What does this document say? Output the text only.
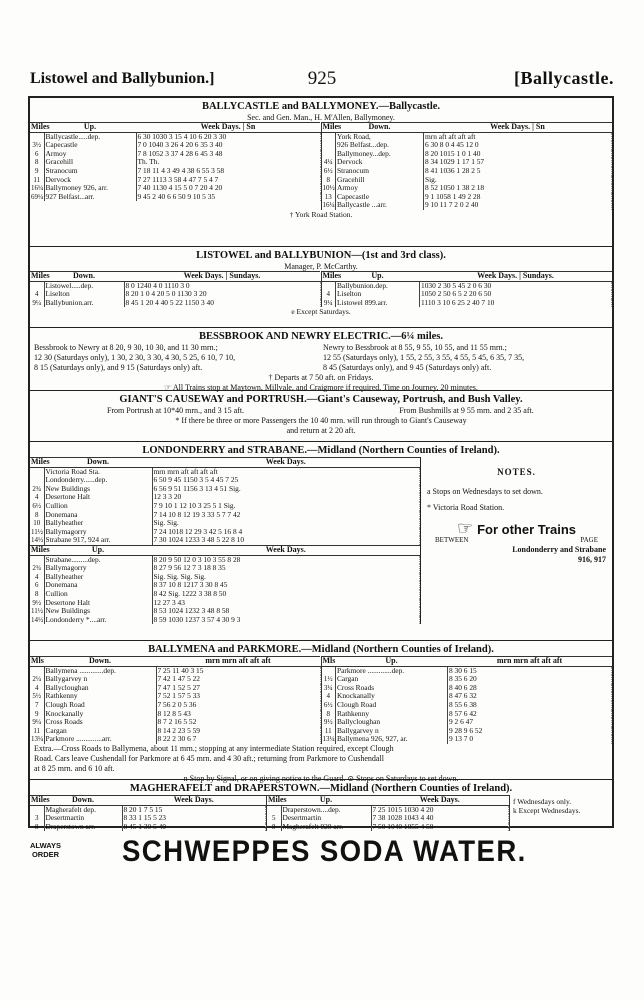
Listowel and Ballybunion.]	925	[Ballycastle.
BALLYCASTLE and BALLYMONEY.—Ballycastle.
Sec. and Gen. Man., H. M'Allen, Ballymoney.
Miles	Up.	Week Days. | Sn
	Ballycastle.....dep.	6 30 1030 3 15 4 10 6 20 3 30
3½	Capecastle	7 0 1040 3 26 4 20 6 35 3 40
6	Armoy	7 8 1052 3 37 4 28 6 45 3 48
8	Gracehill	Th. Th.
9	Stranocum	7 18 11 4 3 49 4 38 6 55 3 58
11	Dervock	7 27 1113 3 58 4 47 7 5 4 7
16¼	Ballymoney 926, arr.	7 40 1130 4 15 5 0 7 20 4 20
69¼	927 Belfast...arr.	9 45 2 40 6 6 50 9 10 5 35
Miles	Down.	Week Days. | Sn
	York Road,	mrn aft aft aft aft
	926 Belfast...dep.	6 30 8 0 4 45 12 0
	Ballymoney...dep.	8 20 1015 1 0 1 40
4¼	Dervock	8 34 1029 1 17 1 57
6½	Stranocum	8 41 1036 1 28 2 5
8	Gracehill	Sig.
10½	Armoy	8 52 1050 1 38 2 18
13	Capecastle	9 1 1058 1 49 2 28
16¼	Ballycastle ...arr.	9 10 11 7 2 0 2 40
† York Road Station.
LISTOWEL and BALLYBUNION—(1st and 3rd class).
Manager, P. McCarthy.
Miles	Down.	Week Days. | Sundays.
	Listowel.....dep.	8 0 1240 4 0 1110 3 0
4	Liselton	8 20 1 0 4 20 5 0 1130 3 20
9¼	Ballybunion.arr.	8 45 1 20 4 40 5 22 1150 3 40
Miles	Up.	Week Days. | Sundays.
	Ballybunion.dep.	1030 2 30 5 45 2 0 6 30
4	Liselton	1050 2 50 6 5 2 20 6 50
9¼	Listowel 899.arr.	1110 3 10 6 25 2 40 7 10
e Except Saturdays.
BESSBROOK AND NEWRY ELECTRIC.—6¼ miles.
Bessbrook to Newry at 8 20, 9 30, 10 30, and 11 30 mrn.;
12 30 (Saturdays only), 1 30, 2 30, 3 30, 4 30, 5 25, 6 10, 7 10,
8 15 (Saturdays only), and 9 15 (Saturdays only) aft.
Newry to Bessbrook at 8 55, 9 55, 10 55, and 11 55 mrn.;
12 55 (Saturdays only), 1 55, 2 55, 3 55, 4 55, 5 45, 6 35, 7 35,
8 45 (Saturdays only), and 9 45 (Saturdays only) aft.
† Departs at 7 50 aft. on Fridays.
☞ All Trains stop at Maytown, Millvale, and Craigmore if required. Time on Journey, 20 minutes.
GIANT'S CAUSEWAY and PORTRUSH.—Giant's Causeway, Portrush, and Bush Valley.
From Portrush at 10*40 mrn., and 3 15 aft.	From Bushmills at 9 55 mrn. and 2 35 aft.
* If there be three or more Passengers the 10 40 mrn. will run through to Giant's Causeway
and return at 2 20 aft.
LONDONDERRY and STRABANE.—Midland (Northern Counties of Ireland).
Miles	Down.	Week Days.
	Victoria Road Sta.	mrn mrn aft aft aft aft
	Londonderry......dep.	6 50 9 45 1150 3 5 4 45 7 25
2¾	New Buildings	6 56 9 51 1156 3 13 4 51 Sig.
4	Desertone Halt	12 3 3 20
6½	Cullion	7 9 10 1 12 10 3 25 5 1 Sig.
8	Donemana	7 14 10 8 12 19 3 33 5 7 7 42
10	Ballyheather	Sig. Sig.
11½	Ballymagorry	7 24 1018 12 29 3 42 5 16 8 4
14½	Strabane 917, 924 arr.	7 30 1024 1233 3 48 5 22 8 10
Miles	Up.	Week Days.
	Strabane.........dep.	8 20 9 50 12 0 3 10 3 55 8 28
2¾	Ballymagorry	8 27 9 56 12 7 3 18 8 35
4	Ballyheather	Sig. Sig. Sig. Sig.
6	Donemana	8 37 10 8 1217 3 30 8 45
8	Cullion	8 42 Sig. 1222 3 38 8 50
9½	Desertone Halt	12 27 3 43
11½	New Buildings	8 53 1024 1232 3 48 8 58
14½	Londonderry *....arr.	8 59 1030 1237 3 57 4 30 9 3
NOTES.
a Stops on Wednesdays to set down.
* Victoria Road Station.
☞ For other Trains
BETWEEN	PAGE
Londonderry and Strabane
916, 917
BALLYMENA and PARKMORE.—Midland (Northern Counties of Ireland).
Mls	Down.	mrn mrn aft aft aft
	Ballymena .............dep.	7 25 11 40 3 15
2¼	Ballygarvey n	7 42 1 47 5 22
4	Ballycloughan	7 47 1 52 5 27
5½	Rathkenny	7 52 1 57 5 33
7	Clough Road	7 56 2 0 5 36
9	Knockanally	8 12 8 5 43
9¼	Cross Roads	8 7 2 16 5 52
11	Cargan	8 14 2 23 5 59
13¼	Parkmore ..............arr.	8 22 2 30 6 7
Mls	Up.	mrn mrn aft aft aft
	Parkmore .............dep.	8 30 6 15
1½	Cargan	8 35 6 20
3¼	Cross Roads	8 40 6 28
4	Knockanally	8 47 6 32
6½	Clough Road	8 55 6 38
8	Rathkenny	8 57 6 42
9½	Ballycloughan	9 2 6 47
11	Ballygarvey n	9 28 9 6 52
13¼	Ballymena 926, 927, ar.	9 13 7 0
Extra.—Cross Roads to Ballymena, about 11 mrn.; stopping at any intermediate Station required, except Clough
Road. Cars leave Cushendall for Parkmore at 6 45 mrn. and 4 30 aft.; returning from Parkmore to Cushendall
at 8 25 mrn. and 6 10 aft.
n Stop by Signal, or on giving notice to the Guard. ⊙ Stops on Saturdays to set down.
MAGHERAFELT and DRAPERSTOWN.—Midland (Northern Counties of Ireland).
Miles	Down.	Week Days.
	Magherafelt dep.	8 20 1 7 5 15
3	Desertmartin	8 33 1 15 5 23
8	Draperstown arr.	8 45 1 30 5 40
Miles	Up.	Week Days.
	Draperstown....dep.	7 25 1015 1030 4 20
5	Desertmartin	7 38 1028 1043 4 40
8	Magherafelt 928 arr.	7 50 1040 1055 4 50
f Wednesdays only.
k Except Wednesdays.
ALWAYS
ORDER SCHWEPPES SODA WATER.
